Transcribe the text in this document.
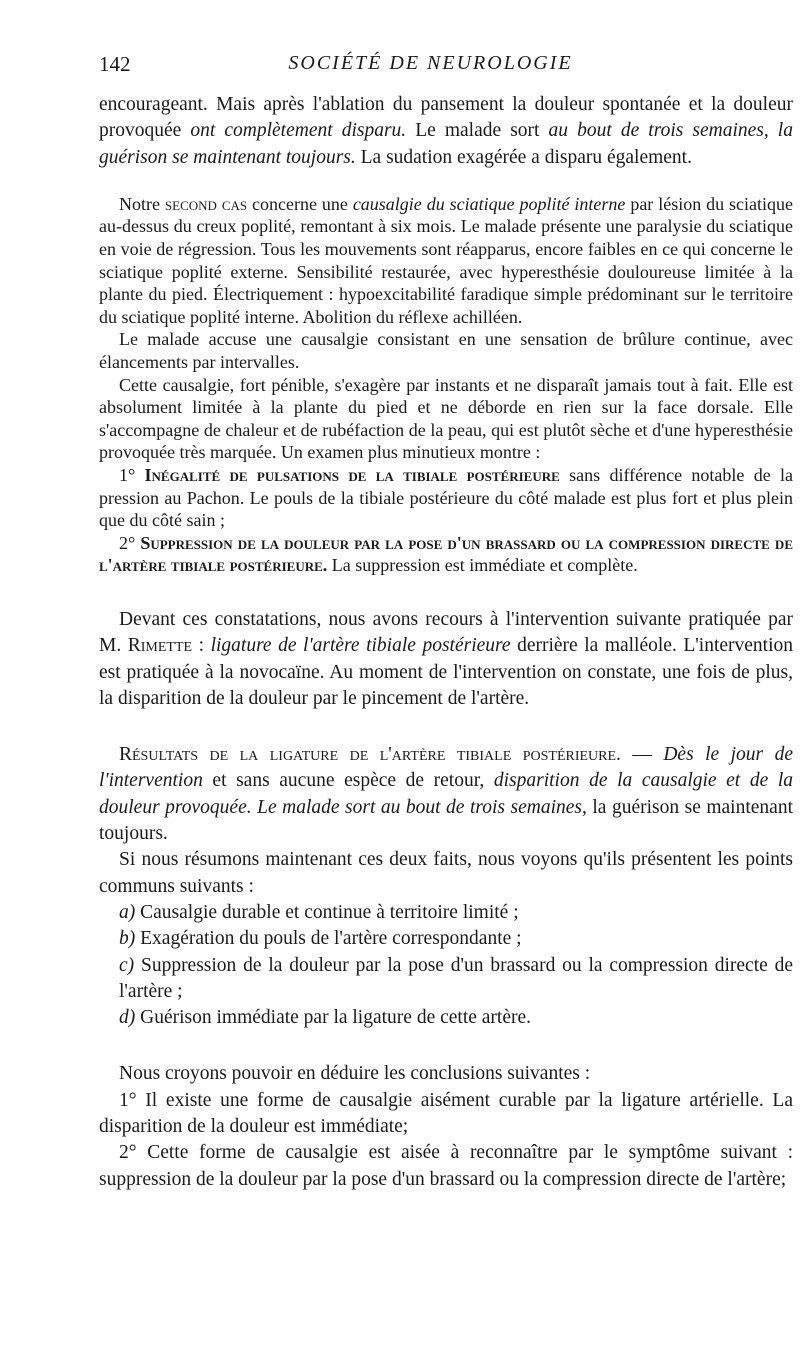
142	SOCIÉTÉ DE NEUROLOGIE

encourageant. Mais après l'ablation du pansement la douleur spontanée et la douleur provoquée ont complètement disparu. Le malade sort au bout de trois semaines, la guérison se maintenant toujours. La sudation exagérée a disparu également.

Notre second cas concerne une causalgie du sciatique poplité interne par lésion du sciatique au-dessus du creux poplité, remontant à six mois. Le malade présente une paralysie du sciatique en voie de régression. Tous les mouvements sont réapparus, encore faibles en ce qui concerne le sciatique poplité externe. Sensibilité restaurée, avec hyperesthésie douloureuse limitée à la plante du pied. Électriquement : hypoexcitabilité faradique simple prédominant sur le territoire du sciatique poplité interne. Abolition du réflexe achilléen.

Le malade accuse une causalgie consistant en une sensation de brûlure continue, avec élancements par intervalles.

Cette causalgie, fort pénible, s'exagère par instants et ne disparaît jamais tout à fait. Elle est absolument limitée à la plante du pied et ne déborde en rien sur la face dorsale. Elle s'accompagne de chaleur et de rubéfaction de la peau, qui est plutôt sèche et d'une hyperesthésie provoquée très marquée. Un examen plus minutieux montre :

1° Inégalité de pulsations de la tibiale postérieure sans différence notable de la pression au Pachon. Le pouls de la tibiale postérieure du côté malade est plus fort et plus plein que du côté sain ;

2° Suppression de la douleur par la pose d'un brassard ou la compression directe de l'artère tibiale postérieure. La suppression est immédiate et complète.

Devant ces constatations, nous avons recours à l'intervention suivante pratiquée par M. Rimette : ligature de l'artère tibiale postérieure derrière la malléole. L'intervention est pratiquée à la novocaïne. Au moment de l'intervention on constate, une fois de plus, la disparition de la douleur par le pincement de l'artère.

Résultats de la ligature de l'artère tibiale postérieure. — Dès le jour de l'intervention et sans aucune espèce de retour, disparition de la causalgie et de la douleur provoquée. Le malade sort au bout de trois semaines, la guérison se maintenant toujours.

Si nous résumons maintenant ces deux faits, nous voyons qu'ils présentent les points communs suivants :

a) Causalgie durable et continue à territoire limité ;

b) Exagération du pouls de l'artère correspondante ;

c) Suppression de la douleur par la pose d'un brassard ou la compression directe de l'artère ;

d) Guérison immédiate par la ligature de cette artère.

Nous croyons pouvoir en déduire les conclusions suivantes :

1° Il existe une forme de causalgie aisément curable par la ligature artérielle. La disparition de la douleur est immédiate;

2° Cette forme de causalgie est aisée à reconnaître par le symptôme suivant : suppression de la douleur par la pose d'un brassard ou la compression directe de l'artère;
